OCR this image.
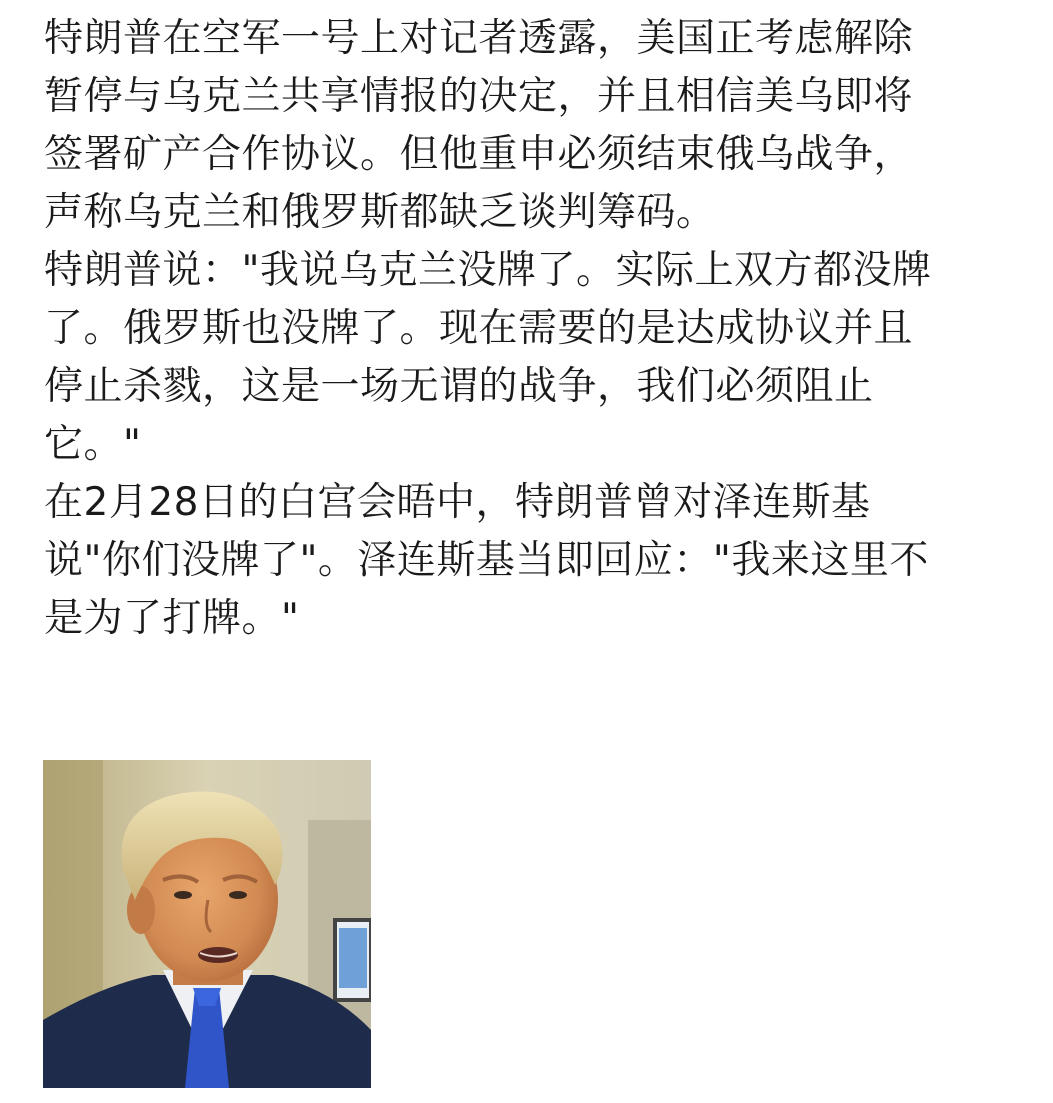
特朗普在空军一号上对记者透露，美国正考虑解除
暂停与乌克兰共享情报的决定，并且相信美乌即将
签署矿产合作协议。但他重申必须结束俄乌战争，
声称乌克兰和俄罗斯都缺乏谈判筹码。

特朗普说："我说乌克兰没牌了。实际上双方都没牌
了。俄罗斯也没牌了。现在需要的是达成协议并且
停止杀戮，这是一场无谓的战争，我们必须阻止
它。"

在2月28日的白宫会晤中，特朗普曾对泽连斯基
说"你们没牌了"。泽连斯基当即回应："我来这里不
是为了打牌。"
